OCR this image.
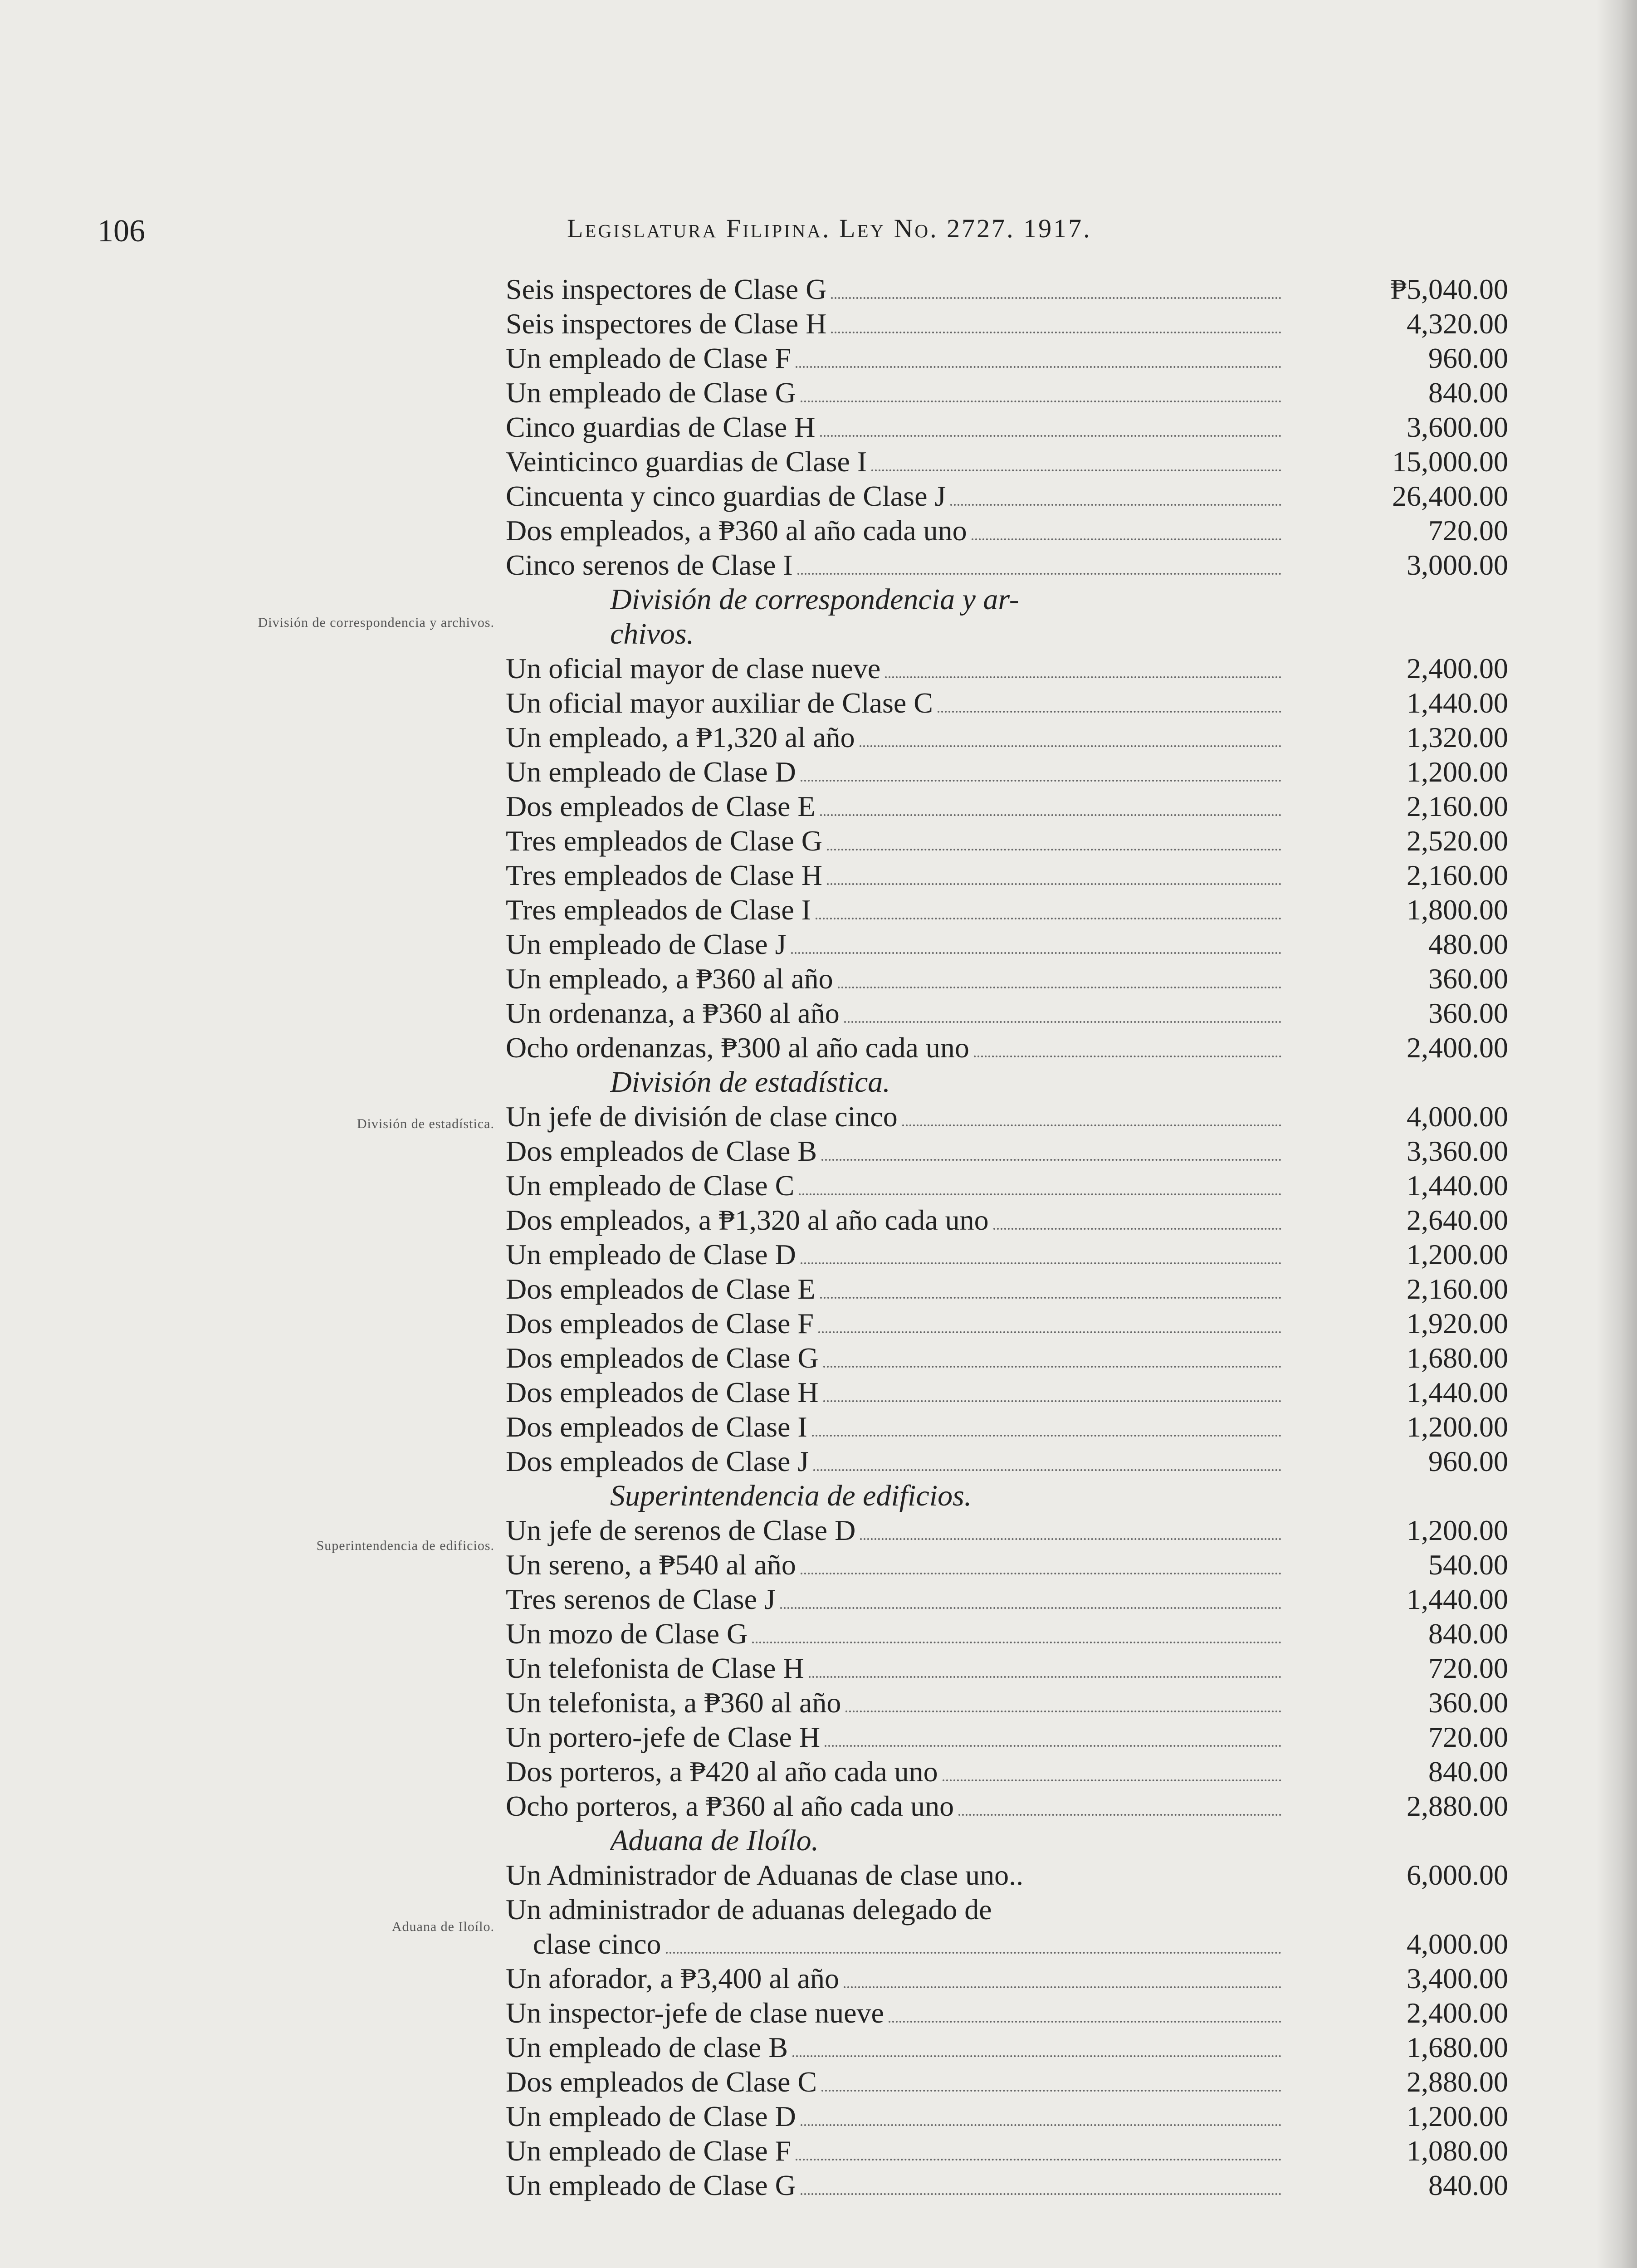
106	Legislatura Filipina. Ley No. 2727. 1917.
División de correspondencia y archivos.
División de estadística.
Superintendencia de edificios.
Aduana de Iloílo.
Seis inspectores de Clase G	₱5,040.00
Seis inspectores de Clase H	4,320.00
Un empleado de Clase F	960.00
Un empleado de Clase G	840.00
Cinco guardias de Clase H	3,600.00
Veinticinco guardias de Clase I	15,000.00
Cincuenta y cinco guardias de Clase J	26,400.00
Dos empleados, a ₱360 al año cada uno	720.00
Cinco serenos de Clase I	3,000.00
División de correspondencia y ar-
chivos.
Un oficial mayor de clase nueve	2,400.00
Un oficial mayor auxiliar de Clase C	1,440.00
Un empleado, a ₱1,320 al año	1,320.00
Un empleado de Clase D	1,200.00
Dos empleados de Clase E	2,160.00
Tres empleados de Clase G	2,520.00
Tres empleados de Clase H	2,160.00
Tres empleados de Clase I	1,800.00
Un empleado de Clase J	480.00
Un empleado, a ₱360 al año	360.00
Un ordenanza, a ₱360 al año	360.00
Ocho ordenanzas, ₱300 al año cada uno	2,400.00
División de estadística.
Un jefe de división de clase cinco	4,000.00
Dos empleados de Clase B	3,360.00
Un empleado de Clase C	1,440.00
Dos empleados, a ₱1,320 al año cada uno	2,640.00
Un empleado de Clase D	1,200.00
Dos empleados de Clase E	2,160.00
Dos empleados de Clase F	1,920.00
Dos empleados de Clase G	1,680.00
Dos empleados de Clase H	1,440.00
Dos empleados de Clase I	1,200.00
Dos empleados de Clase J	960.00
Superintendencia de edificios.
Un jefe de serenos de Clase D	1,200.00
Un sereno, a ₱540 al año	540.00
Tres serenos de Clase J	1,440.00
Un mozo de Clase G	840.00
Un telefonista de Clase H	720.00
Un telefonista, a ₱360 al año	360.00
Un portero-jefe de Clase H	720.00
Dos porteros, a ₱420 al año cada uno	840.00
Ocho porteros, a ₱360 al año cada uno	2,880.00
Aduana de Iloílo.
Un Administrador de Aduanas de clase uno..	6,000.00
Un administrador de aduanas delegado de
clase cinco	4,000.00
Un aforador, a ₱3,400 al año	3,400.00
Un inspector-jefe de clase nueve	2,400.00
Un empleado de clase B	1,680.00
Dos empleados de Clase C	2,880.00
Un empleado de Clase D	1,200.00
Un empleado de Clase F	1,080.00
Un empleado de Clase G	840.00
